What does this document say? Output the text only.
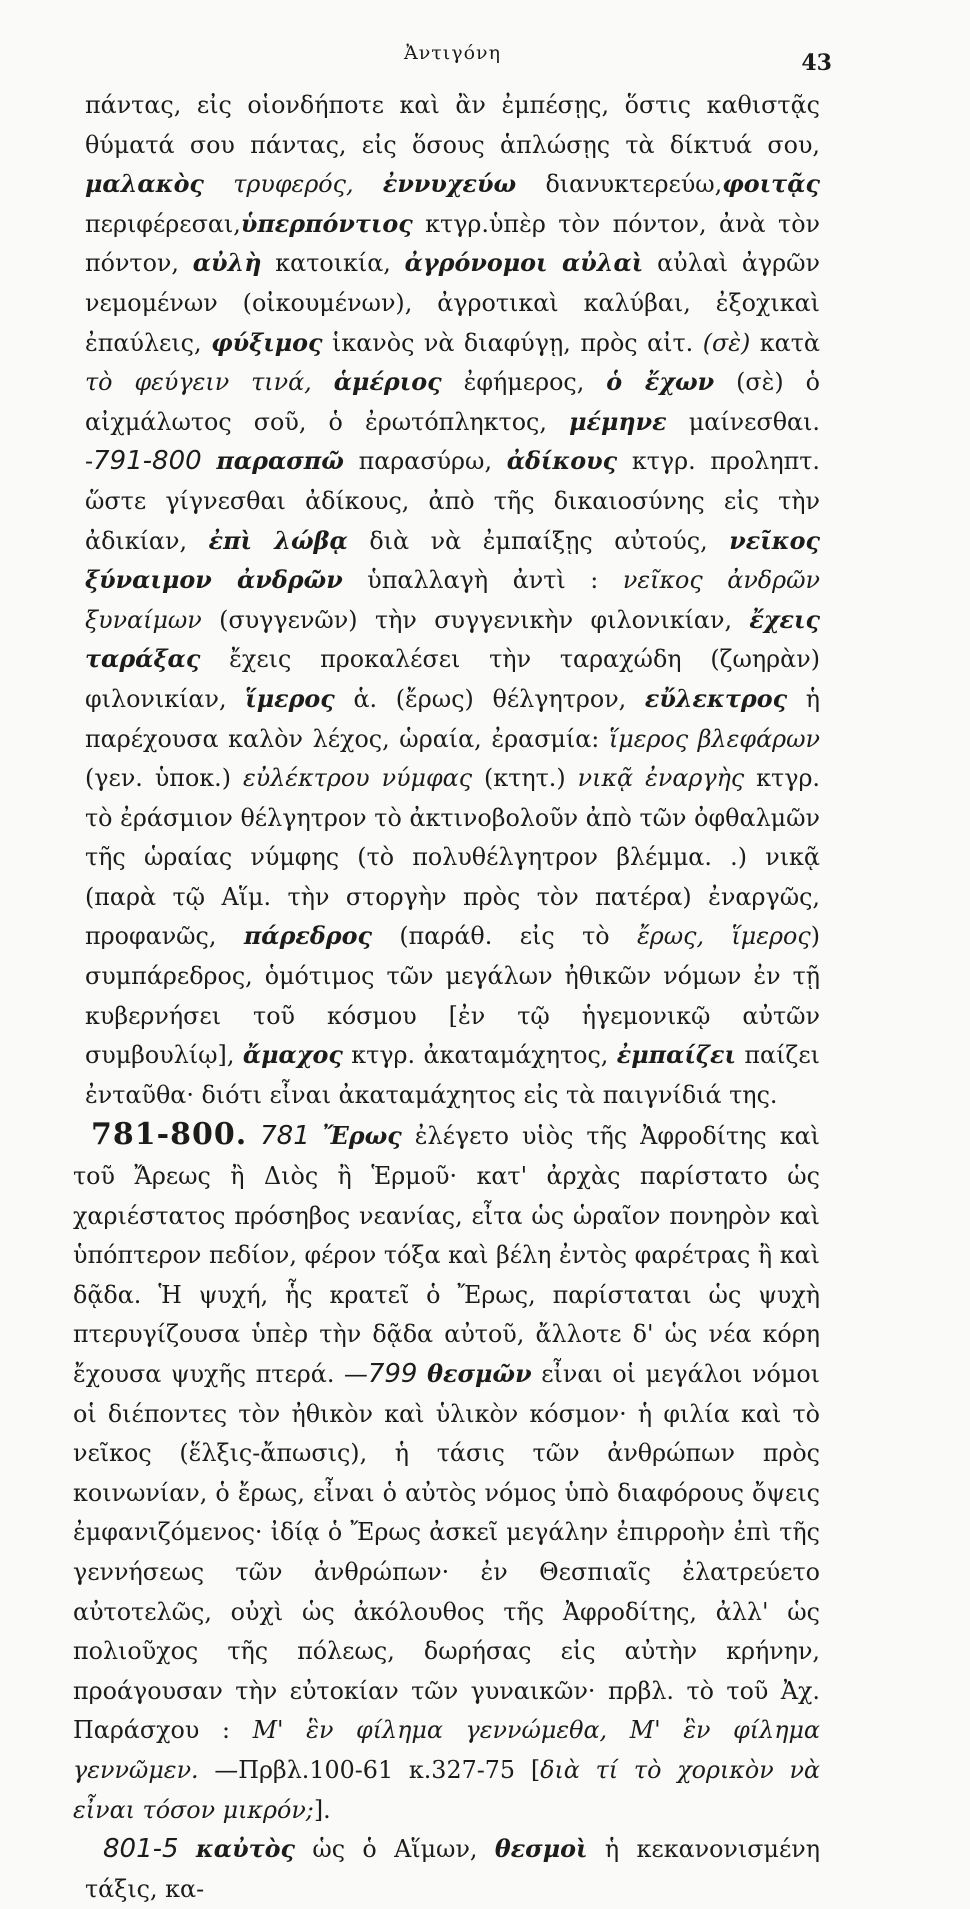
Ἀντιγόνη	43

πάντας, εἰς οἱονδήποτε καὶ ἂν ἐμπέσῃς, ὅστις καθιστᾷς θύματά σου πάντας, εἰς ὅσους ἁπλώσῃς τὰ δίκτυά σου, μαλακὸς τρυφερός, ἐννυχεύω διανυκτερεύω,φοιτᾷς περιφέρεσαι,ὑπερπόντιος κτγρ.ὑπὲρ τὸν πόντον, ἀνὰ τὸν πόντον, αὐλὴ κατοικία, ἀγρόνομοι αὐλαὶ αὐλαὶ ἀγρῶν νεμομένων (οἰκουμένων), ἀγροτικαὶ καλύβαι, ἐξοχικαὶ ἐπαύλεις, φύξιμος ἱκανὸς νὰ διαφύγῃ, πρὸς αἰτ. (σὲ) κατὰ τὸ φεύγειν τινά, ἁμέριος ἐφήμερος, ὁ ἔχων (σὲ) ὁ αἰχμάλωτος σοῦ, ὁ ἐρωτόπληκτος, μέμηνε μαίνεσθαι. -791-800 παρασπῶ παρασύρω, ἀδίκους κτγρ. προληπτ. ὥστε γίγνεσθαι ἀδίκους, ἀπὸ τῆς δικαιοσύνης εἰς τὴν ἀδικίαν, ἐπὶ λώβᾳ διὰ νὰ ἐμπαίξῃς αὐτούς, νεῖκος ξύναιμον ἀνδρῶν ὑπαλλαγὴ ἀντὶ : νεῖκος ἀνδρῶν ξυναίμων (συγγενῶν) τὴν συγγενικὴν φιλονικίαν, ἔχεις ταράξας ἔχεις προκαλέσει τὴν ταραχώδη (ζωηρὰν) φιλονικίαν, ἵμερος ἁ. (ἔρως) θέλγητρον, εὔλεκτρος ἡ παρέχουσα καλὸν λέχος, ὡραία, ἐρασμία: ἵμερος βλεφάρων (γεν. ὑποκ.) εὐλέκτρου νύμφας (κτητ.) νικᾷ ἐναργὴς κτγρ. τὸ ἐράσμιον θέλγητρον τὸ ἀκτινοβολοῦν ἀπὸ τῶν ὀφθαλμῶν τῆς ὡραίας νύμφης (τὸ πολυθέλγητρον βλέμμα. .) νικᾷ (παρὰ τῷ Αἵμ. τὴν στοργὴν πρὸς τὸν πατέρα) ἐναργῶς, προφανῶς, πάρεδρος (παράθ. εἰς τὸ ἔρως, ἵμερος) συμπάρεδρος, ὁμότιμος τῶν μεγάλων ἠθικῶν νόμων ἐν τῇ κυβερνήσει τοῦ κόσμου [ἐν τῷ ἡγεμονικῷ αὐτῶν συμβουλίῳ], ἄμαχος κτγρ. ἀκαταμάχητος, ἐμπαίζει παίζει ἐνταῦθα· διότι εἶναι ἀκαταμάχητος εἰς τὰ παιγνίδιά της.

781-800. 781 Ἔρως ἐλέγετο υἱὸς τῆς Ἀφροδίτης καὶ τοῦ Ἄρεως ἢ Διὸς ἢ Ἑρμοῦ· κατ' ἀρχὰς παρίστατο ὡς χαριέστατος πρόσηβος νεανίας, εἶτα ὡς ὡραῖον πονηρὸν καὶ ὑπόπτερον πεδίον, φέρον τόξα καὶ βέλη ἐντὸς φαρέτρας ἢ καὶ δᾷδα. Ἡ ψυχή, ἧς κρατεῖ ὁ Ἔρως, παρίσταται ὡς ψυχὴ πτερυγίζουσα ὑπὲρ τὴν δᾷδα αὐτοῦ, ἄλλοτε δ' ὡς νέα κόρη ἔχουσα ψυχῆς πτερά. —799 θεσμῶν εἶναι οἱ μεγάλοι νόμοι οἱ διέποντες τὸν ἠθικὸν καὶ ὑλικὸν κόσμον· ἡ φιλία καὶ τὸ νεῖκος (ἕλξις-ἄπωσις), ἡ τάσις τῶν ἀνθρώπων πρὸς κοινωνίαν, ὁ ἔρως, εἶναι ὁ αὐτὸς νόμος ὑπὸ διαφόρους ὄψεις ἐμφανιζόμενος· ἰδίᾳ ὁ Ἔρως ἀσκεῖ μεγάλην ἐπιρροὴν ἐπὶ τῆς γεννήσεως τῶν ἀνθρώπων· ἐν Θεσπιαῖς ἐλατρεύετο αὐτοτελῶς, οὐχὶ ὡς ἀκόλουθος τῆς Ἀφροδίτης, ἀλλ' ὡς πολιοῦχος τῆς πόλεως, δωρήσας εἰς αὐτὴν κρήνην, προάγουσαν τὴν εὐτοκίαν τῶν γυναικῶν· πρβλ. τὸ τοῦ Ἀχ. Παράσχου : Μ' ἓν φίλημα γεννώμεθα, Μ' ἓν φίλημα γεννῶμεν. —Πρβλ.100-61 κ.327-75 [διὰ τί τὸ χορικὸν νὰ εἶναι τόσον μικρόν;].

801-5 καὐτὸς ὡς ὁ Αἵμων, θεσμοὶ ἡ κεκανονισμένη τάξις, κα-
